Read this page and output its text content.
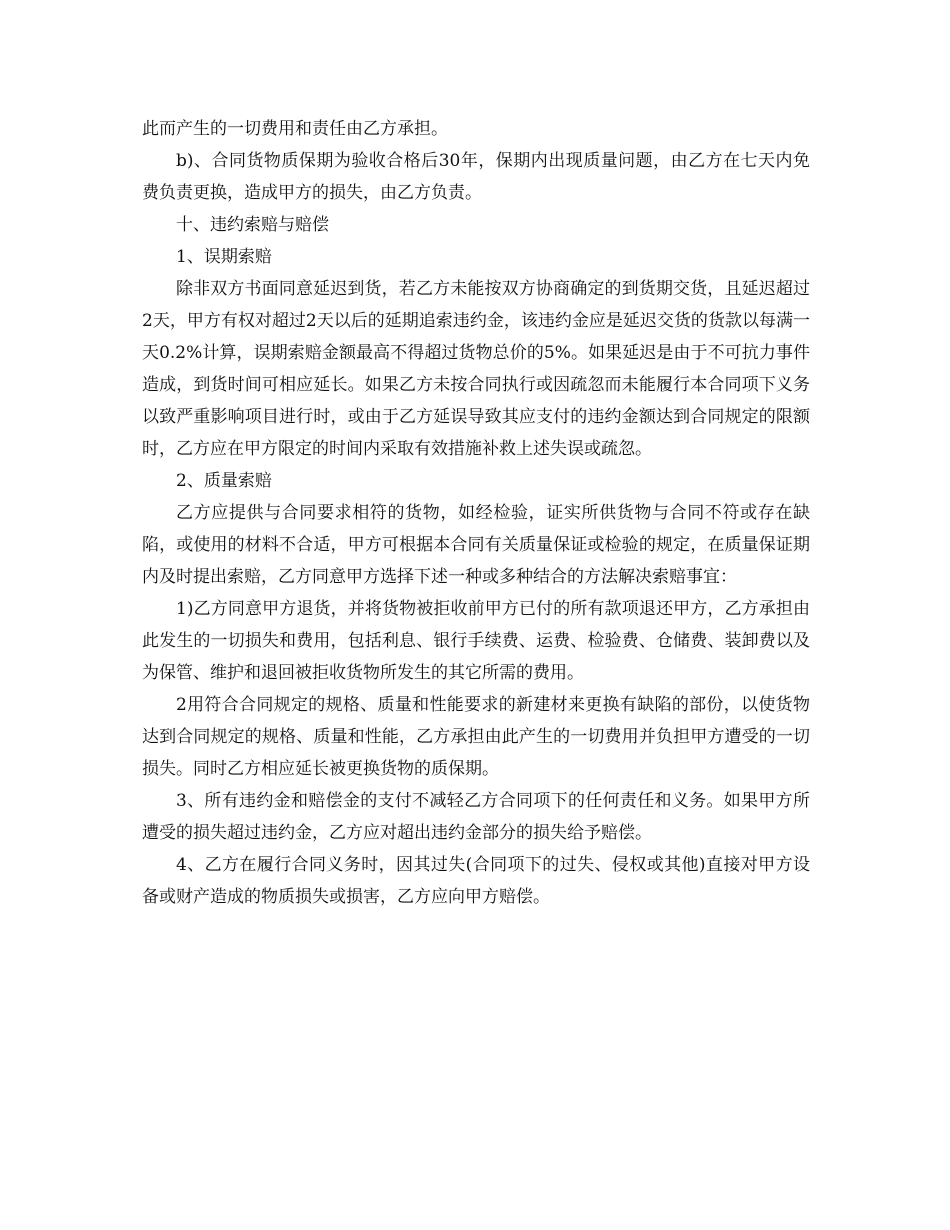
此而产生的一切费用和责任由乙方承担。

b)、合同货物质保期为验收合格后30年，保期内出现质量问题，由乙方在七天内免费负责更换，造成甲方的损失，由乙方负责。

十、违约索赔与赔偿

1、误期索赔

除非双方书面同意延迟到货，若乙方未能按双方协商确定的到货期交货，且延迟超过2天，甲方有权对超过2天以后的延期追索违约金，该违约金应是延迟交货的货款以每满一天0.2%计算，误期索赔金额最高不得超过货物总价的5%。如果延迟是由于不可抗力事件造成，到货时间可相应延长。如果乙方未按合同执行或因疏忽而未能履行本合同项下义务以致严重影响项目进行时，或由于乙方延误导致其应支付的违约金额达到合同规定的限额时，乙方应在甲方限定的时间内采取有效措施补救上述失误或疏忽。

2、质量索赔

乙方应提供与合同要求相符的货物，如经检验，证实所供货物与合同不符或存在缺陷，或使用的材料不合适，甲方可根据本合同有关质量保证或检验的规定，在质量保证期内及时提出索赔，乙方同意甲方选择下述一种或多种结合的方法解决索赔事宜：

1)乙方同意甲方退货，并将货物被拒收前甲方已付的所有款项退还甲方，乙方承担由此发生的一切损失和费用，包括利息、银行手续费、运费、检验费、仓储费、装卸费以及为保管、维护和退回被拒收货物所发生的其它所需的费用。

2用符合合同规定的规格、质量和性能要求的新建材来更换有缺陷的部份，以使货物达到合同规定的规格、质量和性能，乙方承担由此产生的一切费用并负担甲方遭受的一切损失。同时乙方相应延长被更换货物的质保期。

3、所有违约金和赔偿金的支付不减轻乙方合同项下的任何责任和义务。如果甲方所遭受的损失超过违约金，乙方应对超出违约金部分的损失给予赔偿。

4、乙方在履行合同义务时，因其过失(合同项下的过失、侵权或其他)直接对甲方设备或财产造成的物质损失或损害，乙方应向甲方赔偿。
